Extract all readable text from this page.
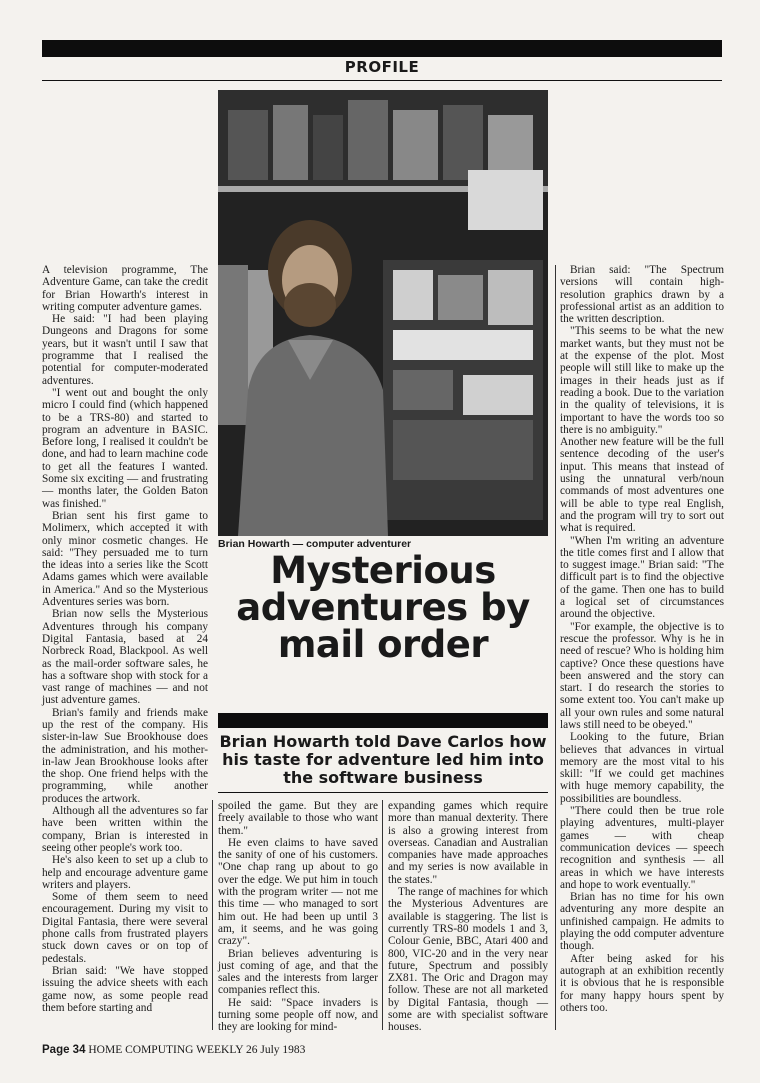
PROFILE
Brian Howarth — computer adventurer
Mysterious adventures by mail order
Brian Howarth told Dave Carlos how his taste for adventure led him into the software business

A television programme, The Adventure Game, can take the credit for Brian Howarth's interest in writing computer adventure games.

He said: "I had been playing Dungeons and Dragons for some years, but it wasn't until I saw that programme that I realised the potential for computer-moderated adventures.

"I went out and bought the only micro I could find (which happened to be a TRS-80) and started to program an adventure in BASIC. Before long, I realised it couldn't be done, and had to learn machine code to get all the features I wanted. Some six exciting — and frustrating — months later, the Golden Baton was finished."

Brian sent his first game to Molimerx, which accepted it with only minor cosmetic changes. He said: "They persuaded me to turn the ideas into a series like the Scott Adams games which were available in America." And so the Mysterious Adventures series was born.

Brian now sells the Mysterious Adventures through his company Digital Fantasia, based at 24 Norbreck Road, Blackpool. As well as the mail-order software sales, he has a software shop with stock for a vast range of machines — and not just adventure games.

Brian's family and friends make up the rest of the company. His sister-in-law Sue Brookhouse does the administration, and his mother-in-law Jean Brookhouse looks after the shop. One friend helps with the programming, while another produces the artwork.

Although all the adventures so far have been written within the company, Brian is interested in seeing other people's work too.

He's also keen to set up a club to help and encourage adventure game writers and players.

Some of them seem to need encouragement. During my visit to Digital Fantasia, there were several phone calls from frustrated players stuck down caves or on top of pedestals.

Brian said: "We have stopped issuing the advice sheets with each game now, as some people read them before starting and

spoiled the game. But they are freely available to those who want them."

He even claims to have saved the sanity of one of his customers. "One chap rang up about to go over the edge. We put him in touch with the program writer — not me this time — who managed to sort him out. He had been up until 3 am, it seems, and he was going crazy".

Brian believes adventuring is just coming of age, and that the sales and the interests from larger companies reflect this.

He said: "Space invaders is turning some people off now, and they are looking for mind-

expanding games which require more than manual dexterity. There is also a growing interest from overseas. Canadian and Australian companies have made approaches and my series is now available in the states."

The range of machines for which the Mysterious Adventures are available is staggering. The list is currently TRS-80 models 1 and 3, Colour Genie, BBC, Atari 400 and 800, VIC-20 and in the very near future, Spectrum and possibly ZX81. The Oric and Dragon may follow. These are not all marketed by Digital Fantasia, though — some are with specialist software houses.

Brian said: "The Spectrum versions will contain high-resolution graphics drawn by a professional artist as an addition to the written description.

"This seems to be what the new market wants, but they must not be at the expense of the plot. Most people will still like to make up the images in their heads just as if reading a book. Due to the variation in the quality of televisions, it is important to have the words too so there is no ambiguity."

Another new feature will be the full sentence decoding of the user's input. This means that instead of using the unnatural verb/noun commands of most adventures one will be able to type real English, and the program will try to sort out what is required.

"When I'm writing an adventure the title comes first and I allow that to suggest image." Brian said: "The difficult part is to find the objective of the game. Then one has to build a logical set of circumstances around the objective.

"For example, the objective is to rescue the professor. Why is he in need of rescue? Who is holding him captive? Once these questions have been answered and the story can start. I do research the stories to some extent too. You can't make up all your own rules and some natural laws still need to be obeyed."

Looking to the future, Brian believes that advances in virtual memory are the most vital to his skill: "If we could get machines with huge memory capability, the possibilities are boundless.

"There could then be true role playing adventures, multi-player games — with cheap communication devices — speech recognition and synthesis — all areas in which we have interests and hope to work eventually."

Brian has no time for his own adventuring any more despite an unfinished campaign. He admits to playing the odd computer adventure though.

After being asked for his autograph at an exhibition recently it is obvious that he is responsible for many happy hours spent by others too.

Page 34 HOME COMPUTING WEEKLY 26 July 1983
